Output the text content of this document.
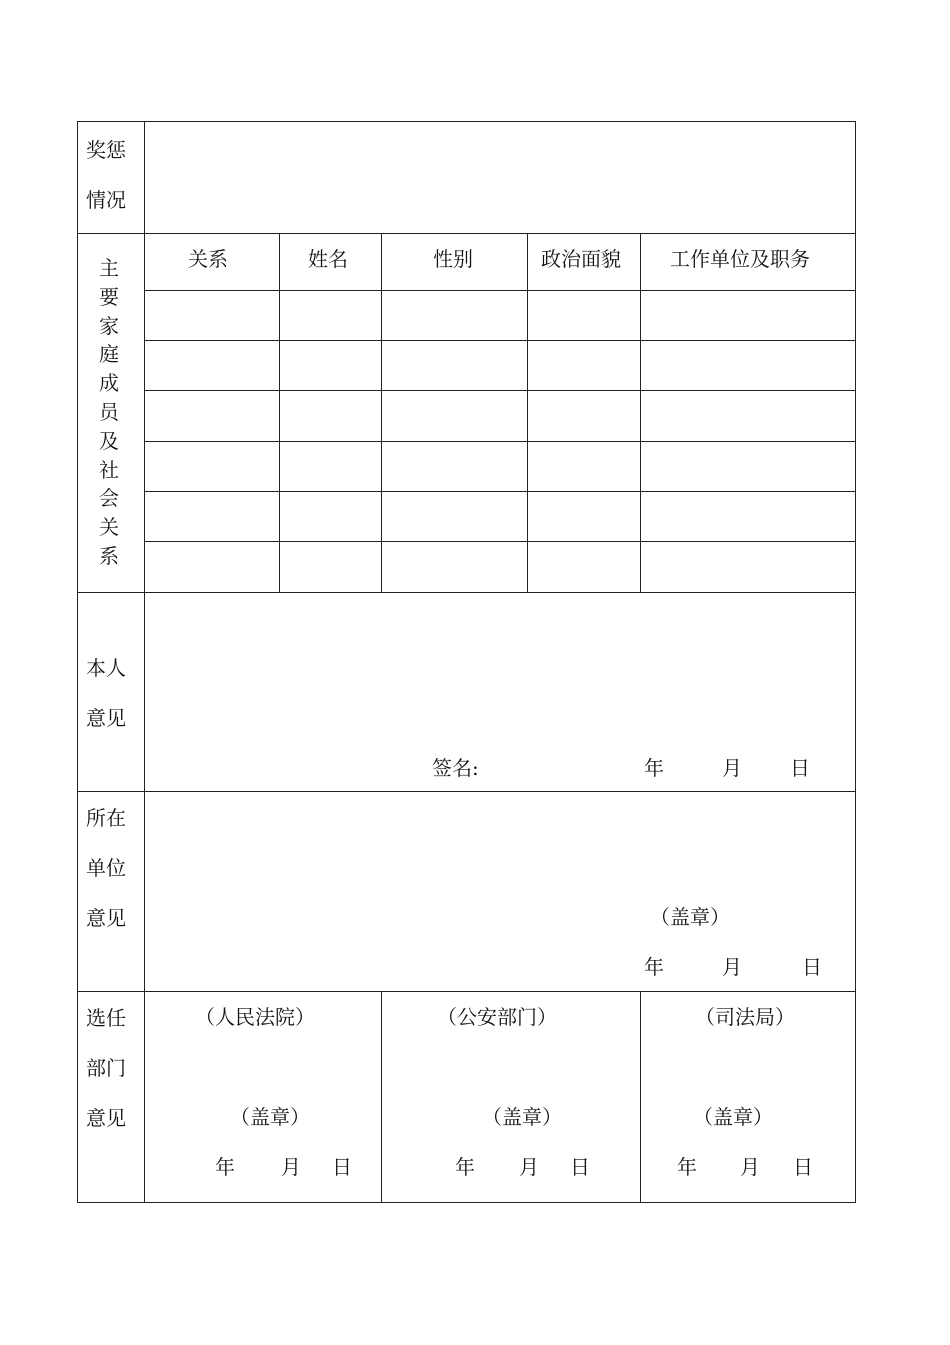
奖惩
情况
主
要
家
庭
成
员
及
社
会
关
系
关系	姓名	性别	政治面貌 工作单位及职务
本人
意见
签名:	年	月 日
所在
单位
意见	（盖章）
年	月	日
选任
部门
意见
（人民法院）
（盖章）
年 月 日
（公安部门）
（盖章）
年 月 日
（司法局）
（盖章）
年 月 日
